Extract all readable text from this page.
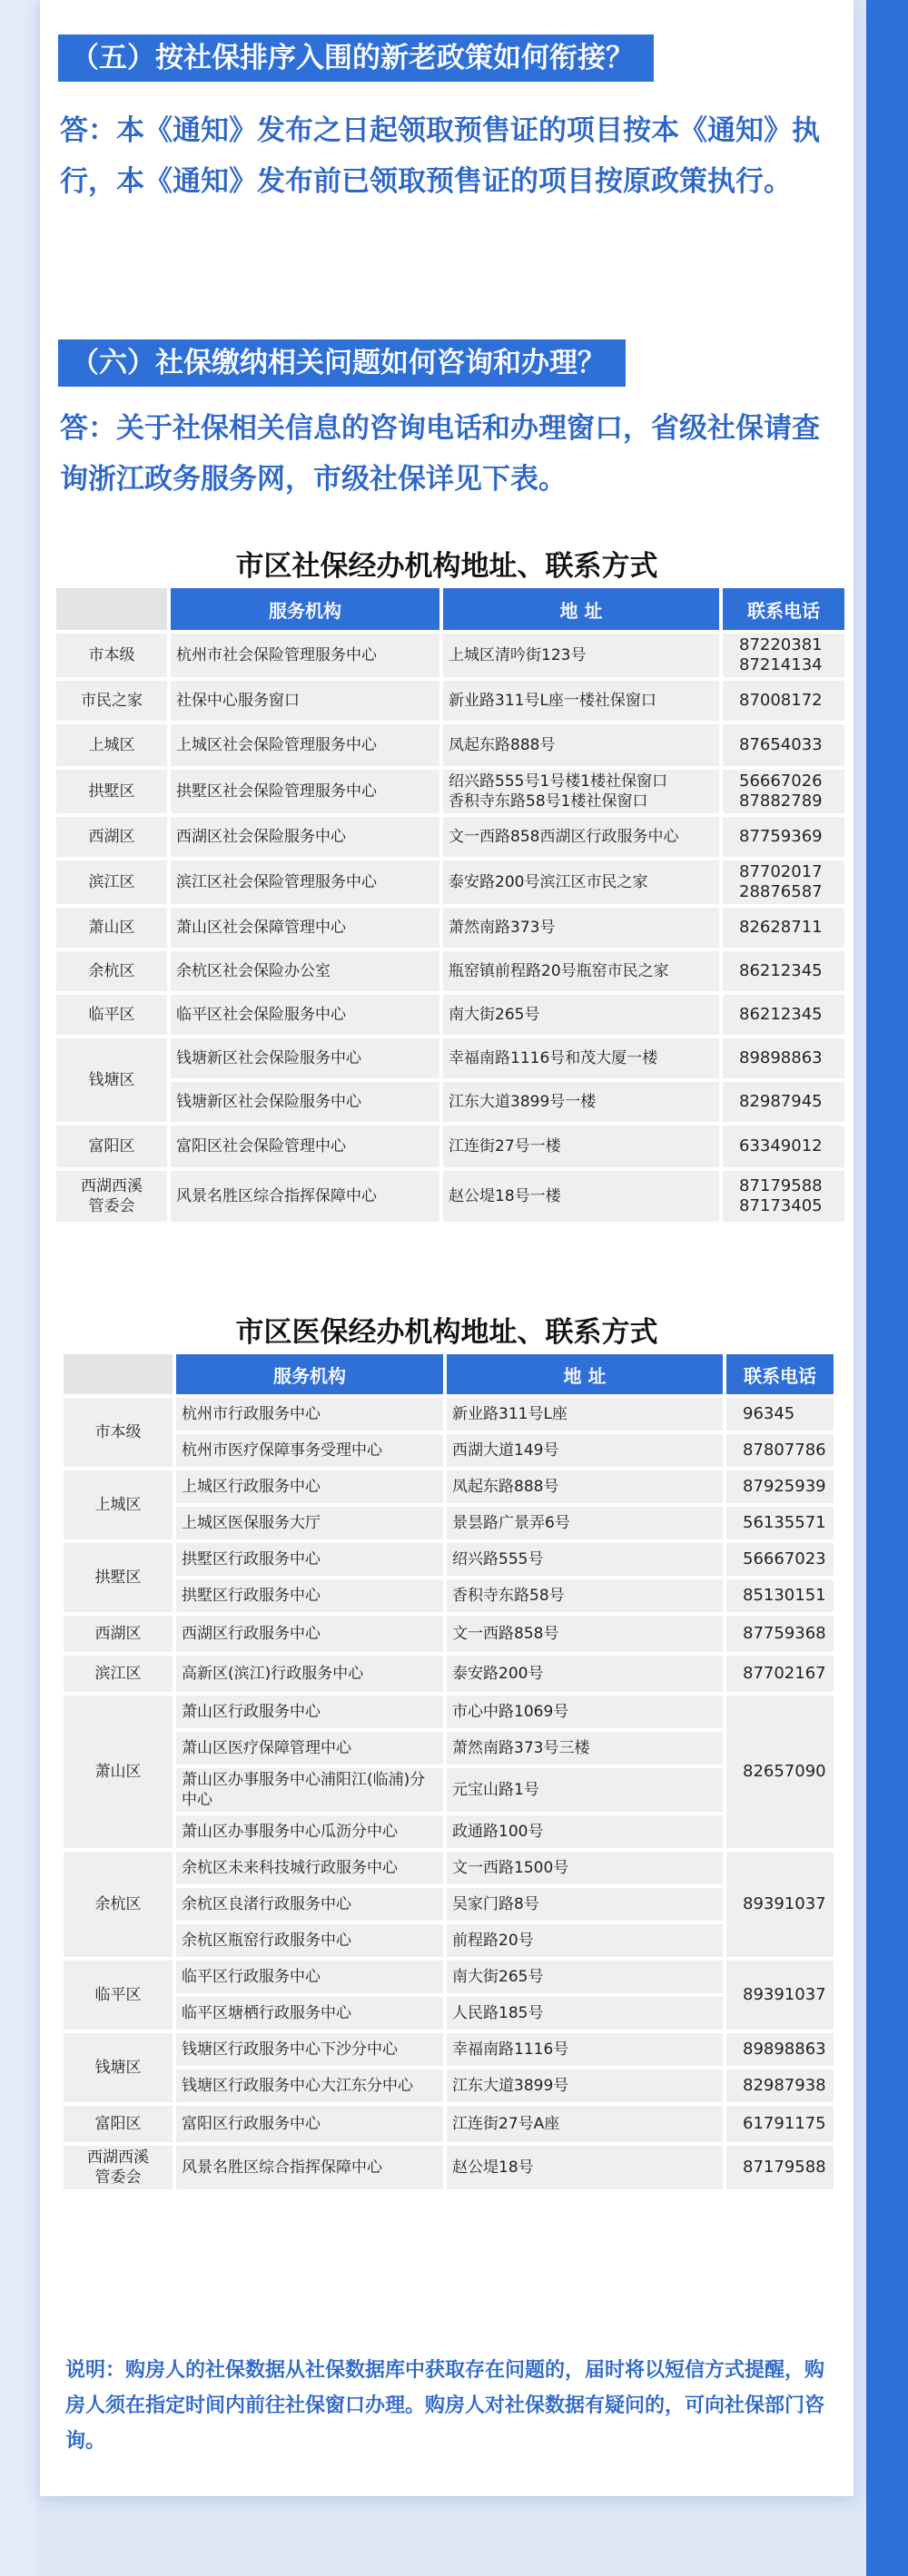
（五）按社保排序入围的新老政策如何衔接？

答：本《通知》发布之日起领取预售证的项目按本《通知》执行，本《通知》发布前已领取预售证的项目按原政策执行。

（六）社保缴纳相关问题如何咨询和办理？

答：关于社保相关信息的咨询电话和办理窗口，省级社保请查询浙江政务服务网，市级社保详见下表。

市区社保经办机构地址、联系方式
	服务机构	地 址	联系电话
市本级	杭州市社会保险管理服务中心	上城区清吟街123号	87220381
87214134
市民之家	社保中心服务窗口	新业路311号L座一楼社保窗口	87008172
上城区	上城区社会保险管理服务中心	凤起东路888号	87654033
拱墅区	拱墅区社会保险管理服务中心	绍兴路555号1号楼1楼社保窗口
香积寺东路58号1楼社保窗口	56667026
87882789
西湖区	西湖区社会保险服务中心	文一西路858西湖区行政服务中心	87759369
滨江区	滨江区社会保险管理服务中心	泰安路200号滨江区市民之家	87702017
28876587
萧山区	萧山区社会保障管理中心	萧然南路373号	82628711
余杭区	余杭区社会保险办公室	瓶窑镇前程路20号瓶窑市民之家	86212345
临平区	临平区社会保险服务中心	南大街265号	86212345
钱塘区	钱塘新区社会保险服务中心	幸福南路1116号和茂大厦一楼	89898863
	钱塘新区社会保险服务中心	江东大道3899号一楼	82987945
富阳区	富阳区社会保险管理中心	江连街27号一楼	63349012
西湖西溪
管委会	风景名胜区综合指挥保障中心	赵公堤18号一楼	87179588
87173405
市区医保经办机构地址、联系方式
	服务机构	地 址	联系电话
市本级	杭州市行政服务中心	新业路311号L座	96345
	杭州市医疗保障事务受理中心	西湖大道149号	87807786
上城区	上城区行政服务中心	凤起东路888号	87925939
	上城区医保服务大厅	景昙路广景弄6号	56135571
拱墅区	拱墅区行政服务中心	绍兴路555号	56667023
	拱墅区行政服务中心	香积寺东路58号	85130151
西湖区	西湖区行政服务中心	文一西路858号	87759368
滨江区	高新区(滨江)行政服务中心	泰安路200号	87702167
萧山区	萧山区行政服务中心	市心中路1069号	82657090
	萧山区医疗保障管理中心	萧然南路373号三楼	
	萧山区办事服务中心浦阳江(临浦)分中心	元宝山路1号	
	萧山区办事服务中心瓜沥分中心	政通路100号	
余杭区	余杭区未来科技城行政服务中心	文一西路1500号	89391037
	余杭区良渚行政服务中心	吴家门路8号	
	余杭区瓶窑行政服务中心	前程路20号	
临平区	临平区行政服务中心	南大街265号	89391037
	临平区塘栖行政服务中心	人民路185号	
钱塘区	钱塘区行政服务中心下沙分中心	幸福南路1116号	89898863
	钱塘区行政服务中心大江东分中心	江东大道3899号	82987938
富阳区	富阳区行政服务中心	江连街27号A座	61791175
西湖西溪
管委会	风景名胜区综合指挥保障中心	赵公堤18号	87179588

说明：购房人的社保数据从社保数据库中获取存在问题的，届时将以短信方式提醒，购房人须在指定时间内前往社保窗口办理。购房人对社保数据有疑问的，可向社保部门咨询。
